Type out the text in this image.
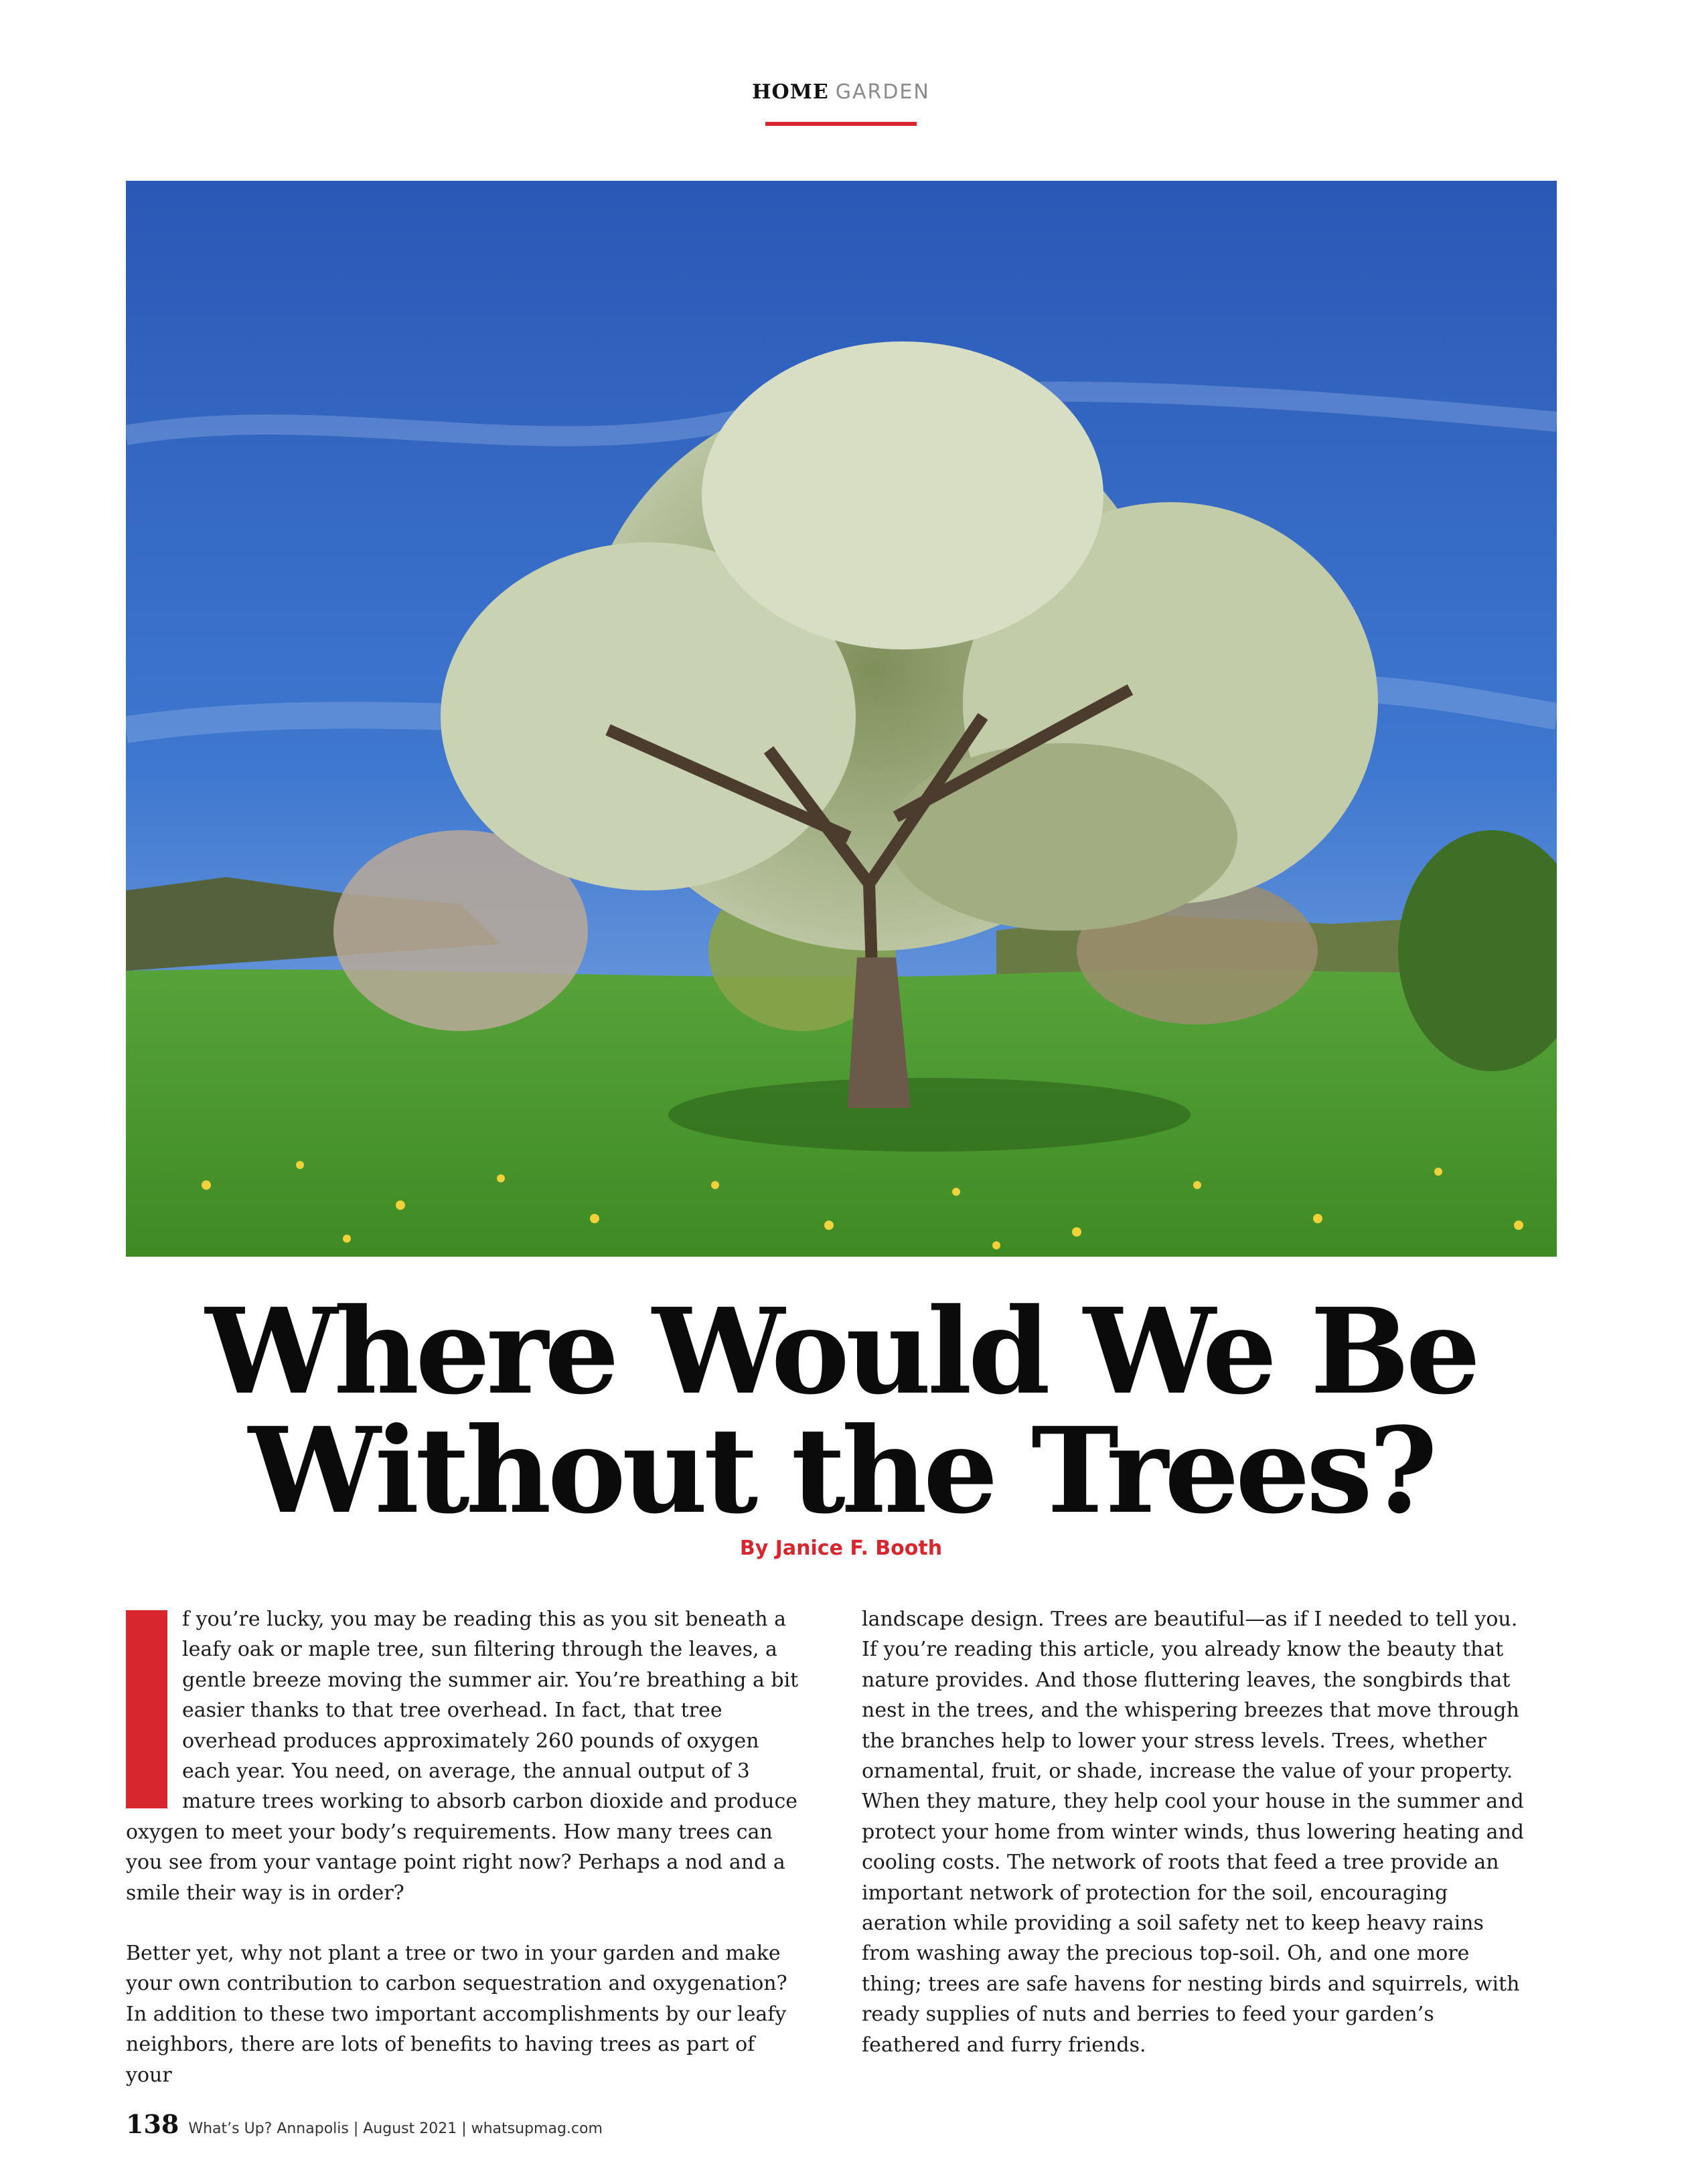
HOME GARDEN
Where Would We Be
Without the Trees?
By Janice F. Booth

f you’re lucky, you may be reading this as you sit beneath a leafy oak or maple tree, sun filtering through the leaves, a gentle breeze moving the summer air. You’re breathing a bit easier thanks to that tree overhead. In fact, that tree overhead produces approximately 260 pounds of oxygen each year. You need, on average, the annual output of 3 mature trees working to absorb carbon dioxide and produce oxygen to meet your body’s requirements. How many trees can you see from your vantage point right now? Perhaps a nod and a smile their way is in order?

Better yet, why not plant a tree or two in your garden and make your own contribution to carbon sequestration and oxygenation? In addition to these two important accomplishments by our leafy neighbors, there are lots of benefits to having trees as part of your

landscape design. Trees are beautiful—as if I needed to tell you. If you’re reading this article, you already know the beauty that nature provides. And those fluttering leaves, the songbirds that nest in the trees, and the whispering breezes that move through the branches help to lower your stress levels. Trees, whether ornamental, fruit, or shade, increase the value of your property. When they mature, they help cool your house in the summer and protect your home from winter winds, thus lowering heating and cooling costs. The network of roots that feed a tree provide an important network of protection for the soil, encouraging aeration while providing a soil safety net to keep heavy rains from washing away the precious top-soil. Oh, and one more thing; trees are safe havens for nesting birds and squirrels, with ready supplies of nuts and berries to feed your garden’s feathered and furry friends.

138 What’s Up? Annapolis | August 2021 | whatsupmag.com
